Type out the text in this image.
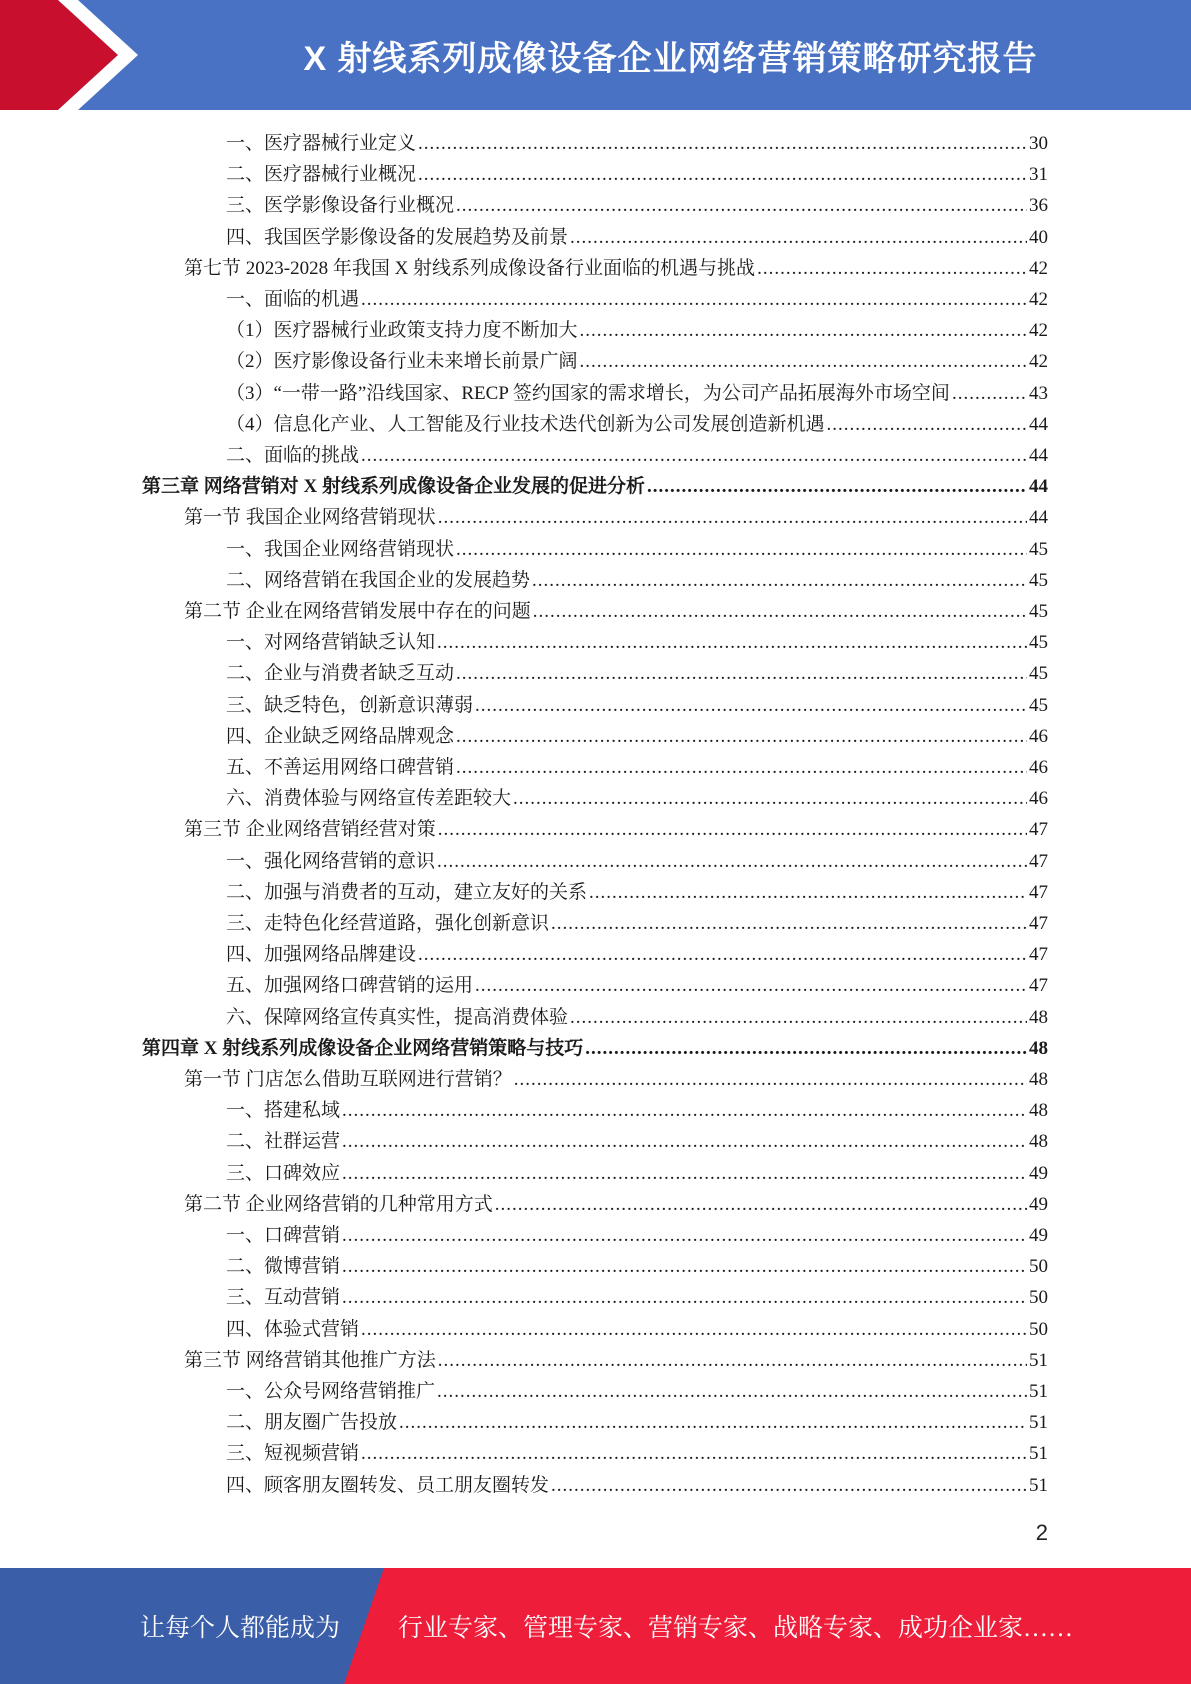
X 射线系列成像设备企业网络营销策略研究报告
一、医疗器械行业定义 .....	30
二、医疗器械行业概况 .....	31
三、医学影像设备行业概况 .....	36
四、我国医学影像设备的发展趋势及前景 .....	40
第七节 2023-2028 年我国 X 射线系列成像设备行业面临的机遇与挑战 .....	42
一、面临的机遇 .....	42
（1）医疗器械行业政策支持力度不断加大 .....	42
（2）医疗影像设备行业未来增长前景广阔 .....	42
（3）“一带一路”沿线国家、RECP 签约国家的需求增长，为公司产品拓展海外市场空间 .....	43
（4）信息化产业、人工智能及行业技术迭代创新为公司发展创造新机遇 .....	44
二、面临的挑战 .....	44
第三章 网络营销对 X 射线系列成像设备企业发展的促进分析 .....	44
第一节 我国企业网络营销现状 .....	44
一、我国企业网络营销现状 .....	45
二、网络营销在我国企业的发展趋势 .....	45
第二节 企业在网络营销发展中存在的问题 .....	45
一、对网络营销缺乏认知 .....	45
二、企业与消费者缺乏互动 .....	45
三、缺乏特色，创新意识薄弱 .....	45
四、企业缺乏网络品牌观念 .....	46
五、不善运用网络口碑营销 .....	46
六、消费体验与网络宣传差距较大 .....	46
第三节 企业网络营销经营对策 .....	47
一、强化网络营销的意识 .....	47
二、加强与消费者的互动，建立友好的关系 .....	47
三、走特色化经营道路，强化创新意识 .....	47
四、加强网络品牌建设 .....	47
五、加强网络口碑营销的运用 .....	47
六、保障网络宣传真实性，提高消费体验 .....	48
第四章 X 射线系列成像设备企业网络营销策略与技巧 .....	48
第一节 门店怎么借助互联网进行营销？ .....	48
一、搭建私域 .....	48
二、社群运营 .....	48
三、口碑效应 .....	49
第二节 企业网络营销的几种常用方式 .....	49
一、口碑营销 .....	49
二、微博营销 .....	50
三、互动营销 .....	50
四、体验式营销 .....	50
第三节 网络营销其他推广方法 .....	51
一、公众号网络营销推广 .....	51
二、朋友圈广告投放 .....	51
三、短视频营销 .....	51
四、顾客朋友圈转发、员工朋友圈转发 .....	51
2
让每个人都能成为 行业专家、管理专家、营销专家、战略专家、成功企业家……
